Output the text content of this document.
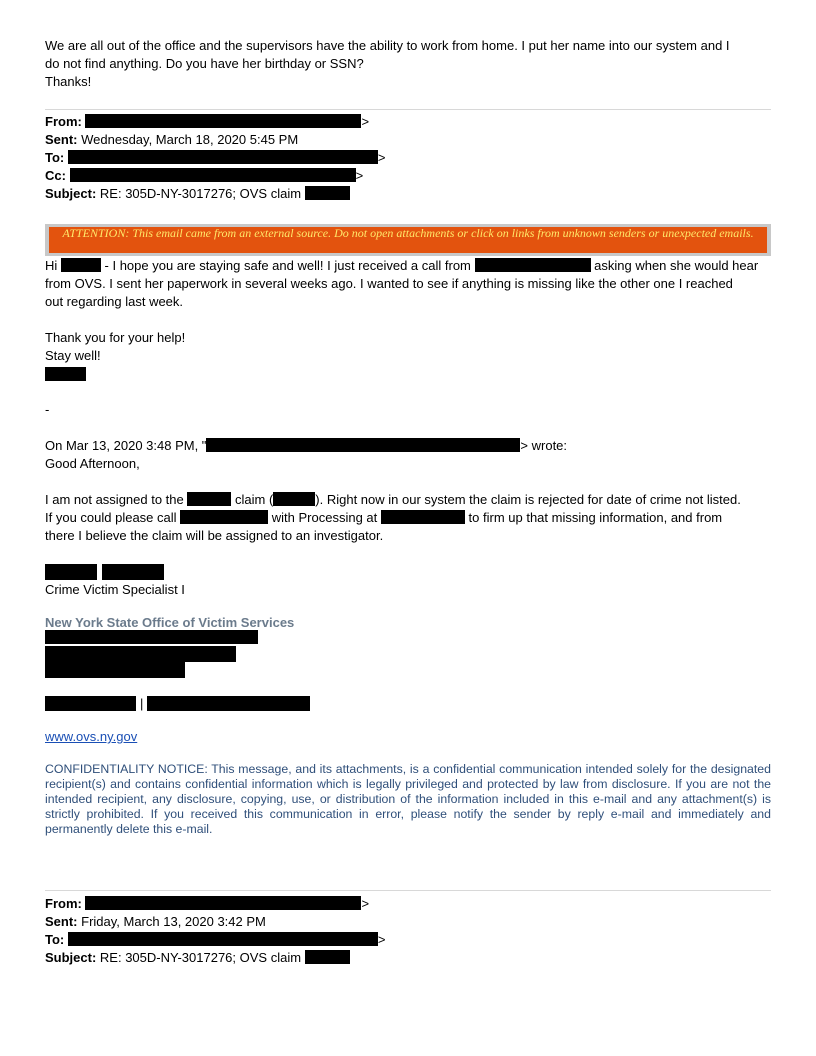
We are all out of the office and the supervisors have the ability to work from home. I put her name into our system and I

do not find anything. Do you have her birthday or SSN?

Thanks!

From:	>
Sent: Wednesday, March 18, 2020 5:45 PM
To:	>
Cc:	>
Subject: RE: 305D-NY-3017276; OVS claim
ATTENTION: This email came from an external source. Do not open attachments or click on links from unknown senders or unexpected emails.

Hi	- I hope you are staying safe and well! I just received a call from	asking when she would hear

from OVS. I sent her paperwork in several weeks ago. I wanted to see if anything is missing like the other one I reached

out regarding last week.

Thank you for your help!

Stay well!

-
On Mar 13, 2020 3:48 PM, "	> wrote:
Good Afternoon,

I am not assigned to the	claim (	). Right now in our system the claim is rejected for date of crime not listed.

If you could please call	with Processing at	to firm up that missing information, and from

there I believe the claim will be assigned to an investigator.

Crime Victim Specialist I
New York State Office of Victim Services
|
www.ovs.ny.gov
CONFIDENTIALITY NOTICE: This message, and its attachments, is a confidential communication intended solely for the designated recipient(s) and contains confidential information which is legally privileged and protected by law from disclosure. If you are not the intended recipient, any disclosure, copying, use, or distribution of the information included in this e-mail and any attachment(s) is strictly prohibited. If you received this communication in error, please notify the sender by reply e-mail and immediately and permanently delete this e-mail.
From:	>
Sent: Friday, March 13, 2020 3:42 PM
To:	>
Subject: RE: 305D-NY-3017276; OVS claim
